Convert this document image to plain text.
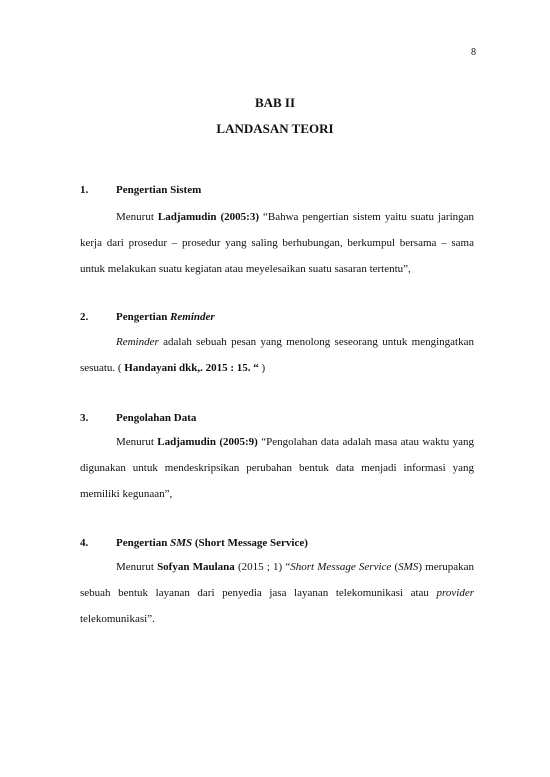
8
BAB II
LANDASAN TEORI
1.	Pengertian Sistem
Menurut Ladjamudin (2005:3) “Bahwa pengertian sistem yaitu suatu jaringan
kerja dari prosedur – prosedur yang saling berhubungan, berkumpul bersama – sama
untuk melakukan suatu kegiatan atau meyelesaikan suatu sasaran tertentu”,
2.	Pengertian Reminder
Reminder adalah sebuah pesan yang menolong seseorang untuk mengingatkan
sesuatu. ( Handayani dkk,. 2015 : 15. “ )
3.	Pengolahan Data
Menurut Ladjamudin (2005:9) “Pengolahan data adalah masa atau waktu yang
digunakan untuk mendeskripsikan perubahan bentuk data menjadi informasi yang
memiliki kegunaan”,
4.	Pengertian SMS (Short Message Service)
Menurut Sofyan Maulana (2015 ; 1) “Short Message Service (SMS) merupakan
sebuah bentuk layanan dari penyedia jasa layanan telekomunikasi atau provider
telekomunikasi”.
